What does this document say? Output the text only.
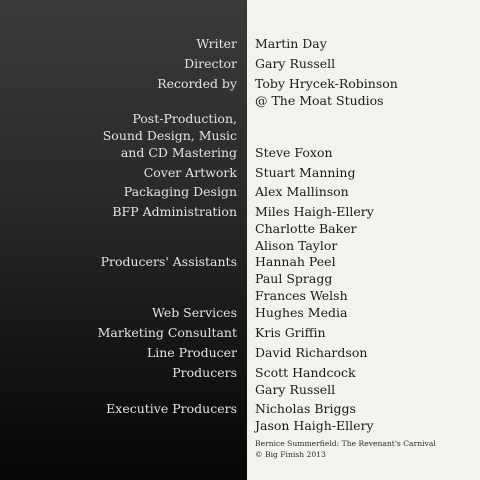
Writer Martin Day
Director Gary Russell
Recorded by Toby Hrycek-Robinson
@ The Moat Studios
Post-Production,
Sound Design, Music
and CD Mastering Steve Foxon
Cover Artwork Stuart Manning
Packaging Design Alex Mallinson
BFP Administration Miles Haigh-Ellery
Charlotte Baker
Alison Taylor
Producers' Assistants Hannah Peel
Paul Spragg
Frances Welsh
Web Services Hughes Media
Marketing Consultant Kris Griffin
Line Producer David Richardson
Producers Scott Handcock
Gary Russell
Executive Producers Nicholas Briggs
Jason Haigh-Ellery
Bernice Summerfield: The Revenant's Carnival
© Big Finish 2013
